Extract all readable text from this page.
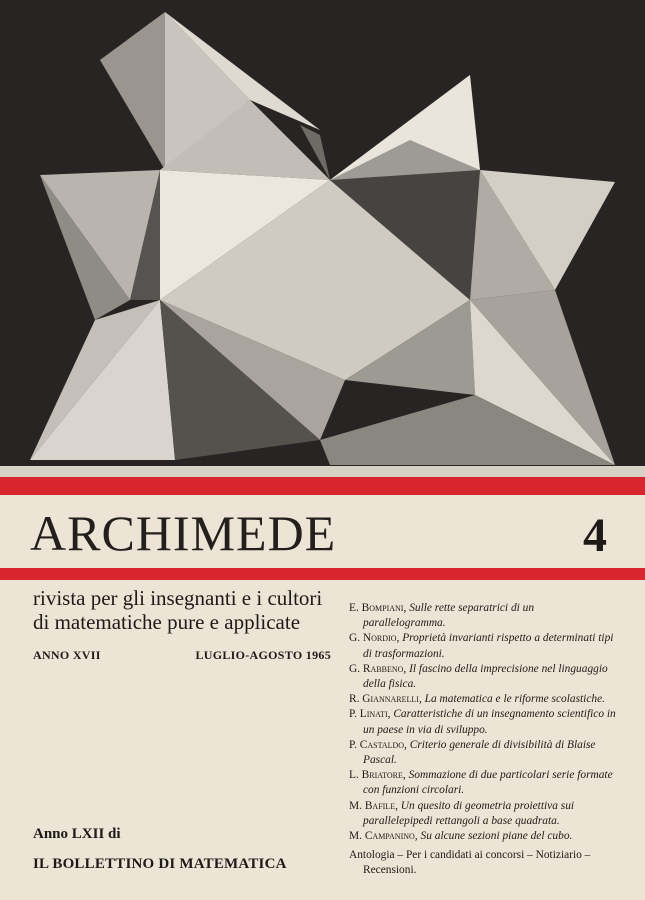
ARCHIMEDE	4
rivista per gli insegnanti e i cultori
di matematiche pure e applicate
ANNO XVII	LUGLIO-AGOSTO 1965

E. Bompiani, Sulle rette separatrici di un parallelogramma.

G. Nordio, Proprietà invarianti rispetto a determinati tipi di trasformazioni.

G. Rabbeno, Il fascino della imprecisione nel linguaggio della fisica.

R. Giannarelli, La matematica e le riforme scolastiche.

P. Linati, Caratteristiche di un insegnamento scientifico in un paese in via di sviluppo.

P. Castaldo, Criterio generale di divisibilità di Blaise Pascal.

L. Briatore, Sommazione di due particolari serie formate con funzioni circolari.

M. Bafile, Un quesito di geometria proiettiva sui parallelepipedi rettangoli a base quadrata.

M. Campanino, Su alcune sezioni piane del cubo.

Antologia – Per i candidati ai concorsi – Notiziario – Recensioni.

Anno LXII di
IL BOLLETTINO DI MATEMATICA
